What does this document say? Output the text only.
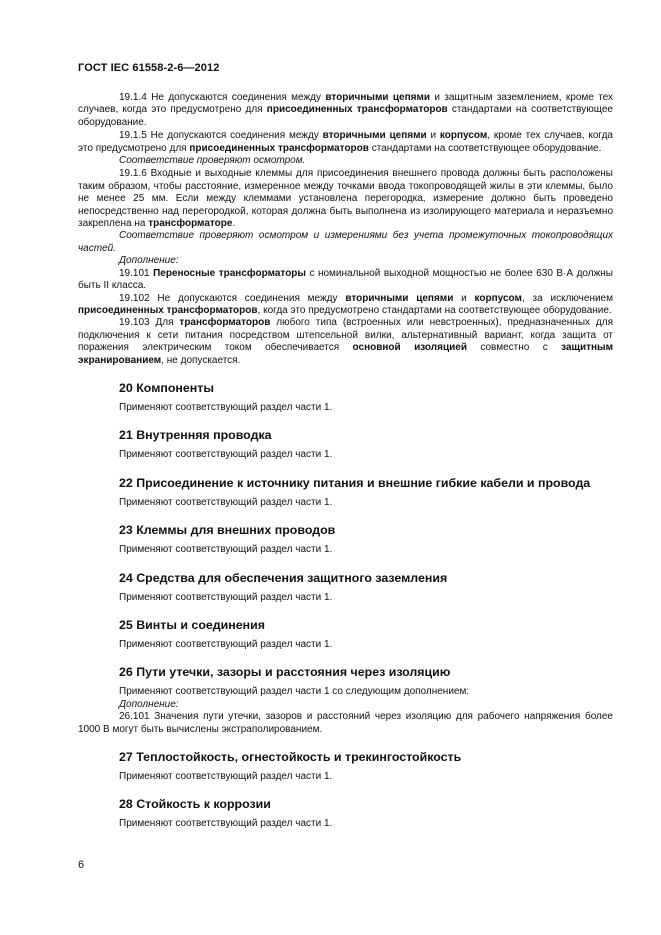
ГОСТ IEC 61558-2-6—2012

19.1.4 Не допускаются соединения между вторичными цепями и защитным заземлением, кроме тех случаев, когда это предусмотрено для присоединенных трансформаторов стандартами на соответствующее оборудование.

19.1.5 Не допускаются соединения между вторичными цепями и корпусом, кроме тех случаев, когда это предусмотрено для присоединенных трансформаторов стандартами на соответствующее оборудование.

Соответствие проверяют осмотром.

19.1.6 Входные и выходные клеммы для присоединения внешнего провода должны быть расположены таким образом, чтобы расстояние, измеренное между точками ввода токопроводящей жилы в эти клеммы, было не менее 25 мм. Если между клеммами установлена перегородка, измерение должно быть проведено непосредственно над перегородкой, которая должна быть выполнена из изолирующего материала и неразъемно закреплена на трансформаторе.

Соответствие проверяют осмотром и измерениями без учета промежуточных токопроводящих частей.

Дополнение:

19.101 Переносные трансформаторы с номинальной выходной мощностью не более 630 В·А должны быть II класса.

19.102 Не допускаются соединения между вторичными цепями и корпусом, за исключением присоединенных трансформаторов, когда это предусмотрено стандартами на соответствующее оборудование.

19.103 Для трансформаторов любого типа (встроенных или невстроенных), предназначенных для подключения к сети питания посредством штепсельной вилки, альтернативный вариант, когда защита от поражения электрическим током обеспечивается основной изоляцией совместно с защитным экранированием, не допускается.

20 Компоненты

Применяют соответствующий раздел части 1.

21 Внутренняя проводка

Применяют соответствующий раздел части 1.

22 Присоединение к источнику питания и внешние гибкие кабели и провода

Применяют соответствующий раздел части 1.

23 Клеммы для внешних проводов

Применяют соответствующий раздел части 1.

24 Средства для обеспечения защитного заземления

Применяют соответствующий раздел части 1.

25 Винты и соединения

Применяют соответствующий раздел части 1.

26 Пути утечки, зазоры и расстояния через изоляцию

Применяют соответствующий раздел части 1 со следующим дополнением:

Дополнение:

26.101 Значения пути утечки, зазоров и расстояний через изоляцию для рабочего напряжения более 1000 В могут быть вычислены экстраполированием.

27 Теплостойкость, огнестойкость и трекингостойкость

Применяют соответствующий раздел части 1.

28 Стойкость к коррозии

Применяют соответствующий раздел части 1.

6
